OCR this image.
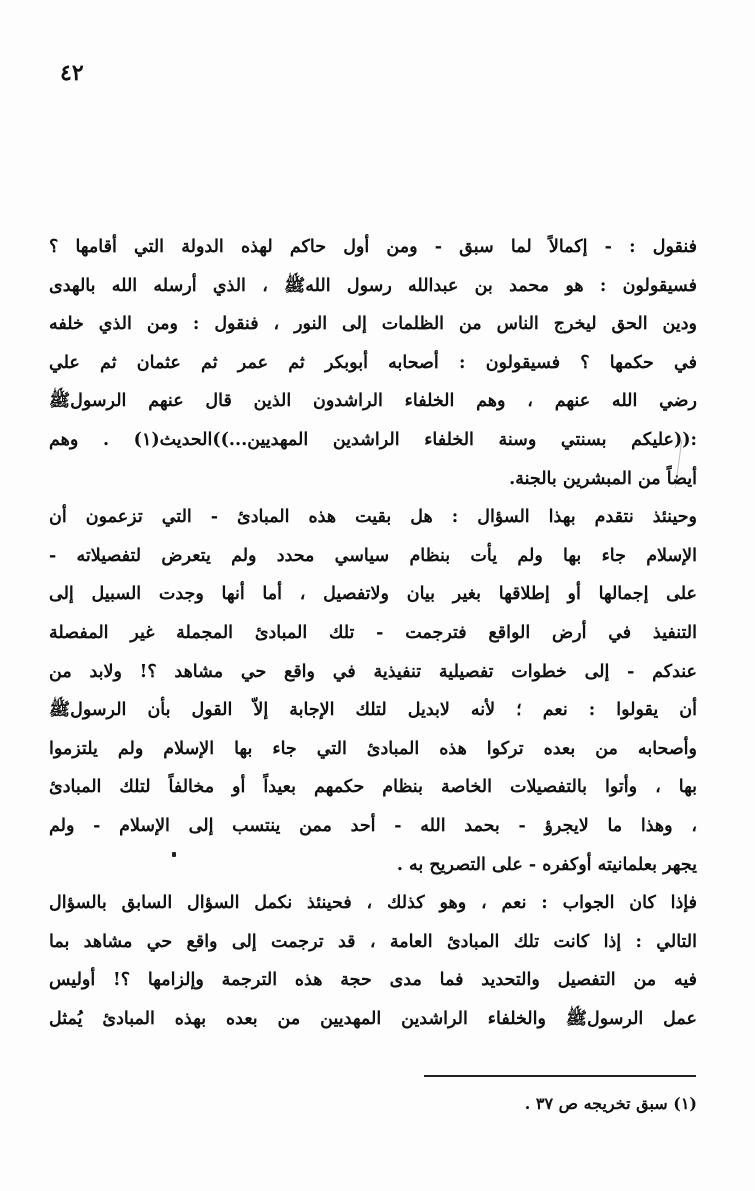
٤٢
فنقول : - إكمالاً لما سبق - ومن أول حاكم لهذه الدولة التي أقامها ؟
فسيقولون : هو محمد بن عبدالله رسول اللهﷺ ، الذي أرسله الله بالهدى
ودين الحق ليخرج الناس من الظلمات إلى النور ، فنقول : ومن الذي خلفه
في حكمها ؟ فسيقولون : أصحابه أبوبكر ثم عمر ثم عثمان ثم علي
رضي الله عنهم ، وهم الخلفاء الراشدون الذين قال عنهم الرسولﷺ
:((عليكم بسنتي وسنة الخلفاء الراشدين المهديين...))الحديث(١) . وهم
أيضاً من المبشرين بالجنة.
وحينئذ نتقدم بهذا السؤال : هل بقيت هذه المبادئ - التي تزعمون أن
الإسلام جاء بها ولم يأت بنظام سياسي محدد ولم يتعرض لتفصيلاته -
على إجمالها أو إطلاقها بغير بيان ولاتفصيل ، أما أنها وجدت السبيل إلى
التنفيذ في أرض الواقع فترجمت - تلك المبادئ المجملة غير المفصلة
عندكم - إلى خطوات تفصيلية تنفيذية في واقع حي مشاهد ؟! ولابد من
أن يقولوا : نعم ؛ لأنه لابديل لتلك الإجابة إلاّ القول بأن الرسولﷺ
وأصحابه من بعده تركوا هذه المبادئ التي جاء بها الإسلام ولم يلتزموا
بها ، وأتوا بالتفصيلات الخاصة بنظام حكمهم بعيداً أو مخالفاً لتلك المبادئ
، وهذا ما لايجرؤ - بحمد الله - أحد ممن ينتسب إلى الإسلام - ولم
يجهر بعلمانيته أوكفره - على التصريح به .
فإذا كان الجواب : نعم ، وهو كذلك ، فحينئذ نكمل السؤال السابق بالسؤال
التالي : إذا كانت تلك المبادئ العامة ، قد ترجمت إلى واقع حي مشاهد بما
فيه من التفصيل والتحديد فما مدى حجة هذه الترجمة وإلزامها ؟! أوليس
عمل الرسولﷺ والخلفاء الراشدين المهديين من بعده بهذه المبادئ يُمثل
(١) سبق تخريجه ص ٣٧ .
